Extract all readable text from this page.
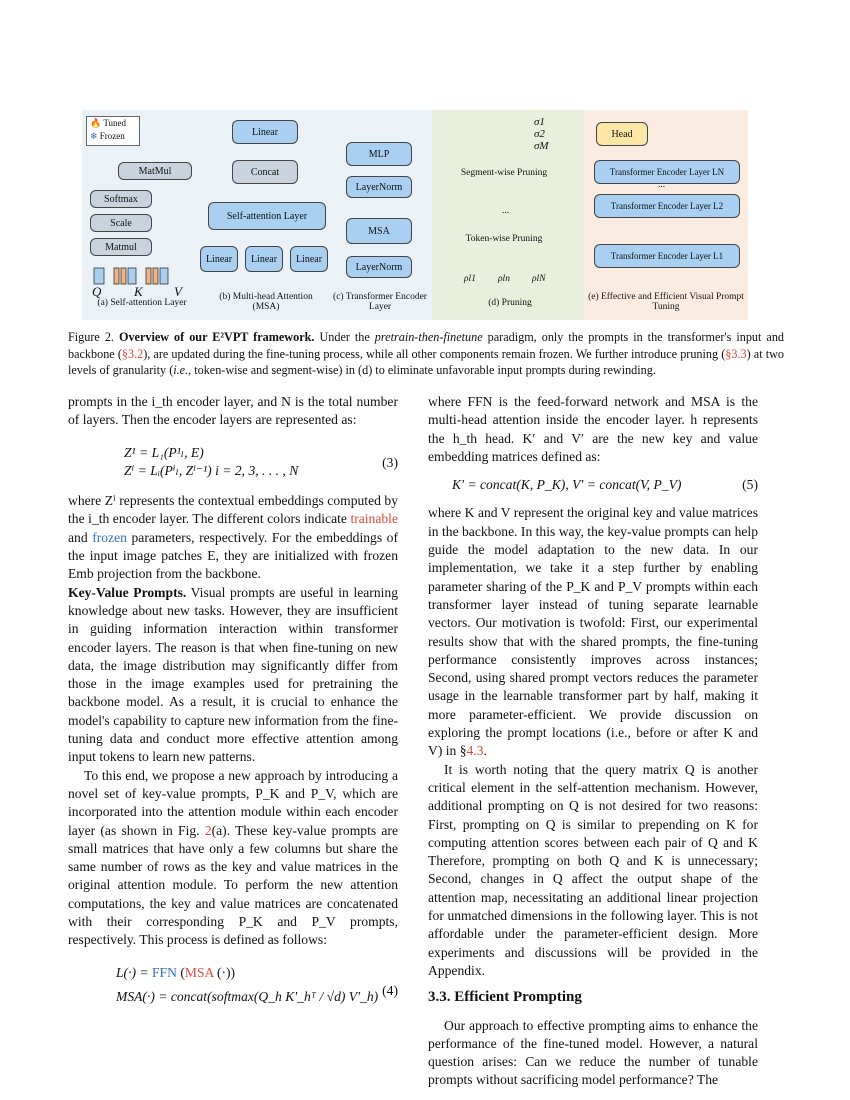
🔥 Tuned
❄ Frozen
MatMul
Softmax
Scale
Matmul
Q	K V
(a) Self-attention Layer
Linear
Concat
Self-attention Layer
Linear	Linear	Linear
(b) Multi-head Attention (MSA)
MLP
LayerNorm
MSA
LayerNorm
(c) Transformer Encoder Layer
σ1
σ2
σM
Segment-wise Pruning
Token-wise Pruning
ρl1 ρln ρlN
...
(d) Pruning
Head
Transformer Encoder Layer LN
...
Transformer Encoder Layer L2
Transformer Encoder Layer L1
(e) Effective and Efficient Visual Prompt Tuning
Figure 2. Overview of our E²VPT framework. Under the pretrain-then-finetune paradigm, only the prompts in the transformer's input and backbone (§3.2), are updated during the fine-tuning process, while all other components remain frozen. We further introduce pruning (§3.3) at two levels of granularity (i.e., token-wise and segment-wise) in (d) to eliminate unfavorable input prompts during rewinding.

prompts in the i_th encoder layer, and N is the total number of layers. Then the encoder layers are represented as:

Z¹ = L₁(P¹ₗ, E)
Zⁱ = Lᵢ(Pⁱₗ, Zⁱ⁻¹) i = 2, 3, . . . , N
(3)

where Zⁱ represents the contextual embeddings computed by the i_th encoder layer. The different colors indicate trainable and frozen parameters, respectively. For the embeddings of the input image patches E, they are initialized with frozen Emb projection from the backbone.

Key-Value Prompts. Visual prompts are useful in learning knowledge about new tasks. However, they are insufficient in guiding information interaction within transformer encoder layers. The reason is that when fine-tuning on new data, the image distribution may significantly differ from those in the image examples used for pretraining the backbone model. As a result, it is crucial to enhance the model's capability to capture new information from the fine-tuning data and conduct more effective attention among input tokens to learn new patterns.

To this end, we propose a new approach by introducing a novel set of key-value prompts, P_K and P_V, which are incorporated into the attention module within each encoder layer (as shown in Fig. 2(a). These key-value prompts are small matrices that have only a few columns but share the same number of rows as the key and value matrices in the original attention module. To perform the new attention computations, the key and value matrices are concatenated with their corresponding P_K and P_V prompts, respectively. This process is defined as follows:

L(·) = FFN (MSA (·))
MSA(·) = concat(softmax(Q_h K'_hᵀ / √d) V'_h) (4)

where FFN is the feed-forward network and MSA is the multi-head attention inside the encoder layer. h represents the h_th head. K′ and V′ are the new key and value embedding matrices defined as:

K′ = concat(K, P_K), V′ = concat(V, P_V)	(5)

where K and V represent the original key and value matrices in the backbone. In this way, the key-value prompts can help guide the model adaptation to the new data. In our implementation, we take it a step further by enabling parameter sharing of the P_K and P_V prompts within each transformer layer instead of tuning separate learnable vectors. Our motivation is twofold: First, our experimental results show that with the shared prompts, the fine-tuning performance consistently improves across instances; Second, using shared prompt vectors reduces the parameter usage in the learnable transformer part by half, making it more parameter-efficient. We provide discussion on exploring the prompt locations (i.e., before or after K and V) in §4.3.

It is worth noting that the query matrix Q is another critical element in the self-attention mechanism. However, additional prompting on Q is not desired for two reasons: First, prompting on Q is similar to prepending on K for computing attention scores between each pair of Q and K Therefore, prompting on both Q and K is unnecessary; Second, changes in Q affect the output shape of the attention map, necessitating an additional linear projection for unmatched dimensions in the following layer. This is not affordable under the parameter-efficient design. More experiments and discussions will be provided in the Appendix.

3.3. Efficient Prompting

Our approach to effective prompting aims to enhance the performance of the fine-tuned model. However, a natural question arises: Can we reduce the number of tunable prompts without sacrificing model performance? The
